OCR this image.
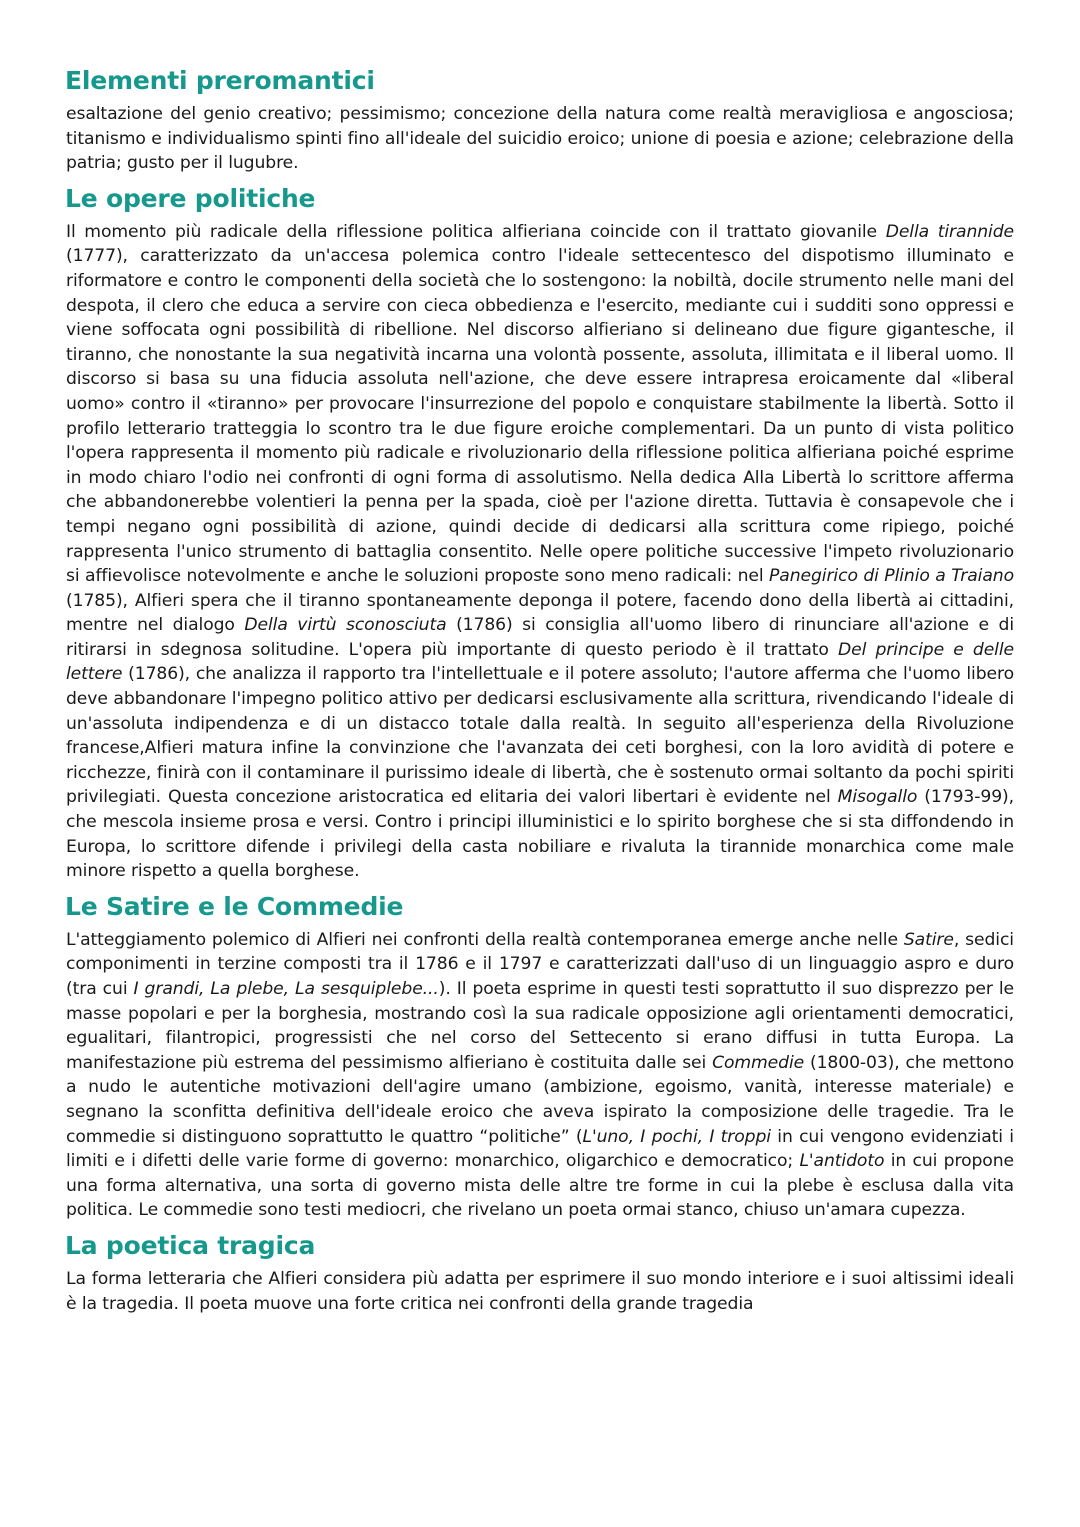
Elementi preromantici

esaltazione del genio creativo; pessimismo; concezione della natura come realtà meravigliosa e angosciosa; titanismo e individualismo spinti fino all'ideale del suicidio eroico; unione di poesia e azione; celebrazione della patria; gusto per il lugubre.

Le opere politiche

Il momento più radicale della riflessione politica alfieriana coincide con il trattato giovanile Della tirannide (1777), caratterizzato da un'accesa polemica contro l'ideale settecentesco del dispotismo illuminato e riformatore e contro le componenti della società che lo sostengono: la nobiltà, docile strumento nelle mani del despota, il clero che educa a servire con cieca obbedienza e l'esercito, mediante cui i sudditi sono oppressi e viene soffocata ogni possibilità di ribellione. Nel discorso alfieriano si delineano due figure gigantesche, il tiranno, che nonostante la sua negatività incarna una volontà possente, assoluta, illimitata e il liberal uomo. Il discorso si basa su una fiducia assoluta nell'azione, che deve essere intrapresa eroicamente dal «liberal uomo» contro il «tiranno» per provocare l'insurrezione del popolo e conquistare stabilmente la libertà. Sotto il profilo letterario tratteggia lo scontro tra le due figure eroiche complementari. Da un punto di vista politico l'opera rappresenta il momento più radicale e rivoluzionario della riflessione politica alfieriana poiché esprime in modo chiaro l'odio nei confronti di ogni forma di assolutismo. Nella dedica Alla Libertà lo scrittore afferma che abbandonerebbe volentieri la penna per la spada, cioè per l'azione diretta. Tuttavia è consapevole che i tempi negano ogni possibilità di azione, quindi decide di dedicarsi alla scrittura come ripiego, poiché rappresenta l'unico strumento di battaglia consentito. Nelle opere politiche successive l'impeto rivoluzionario si affievolisce notevolmente e anche le soluzioni proposte sono meno radicali: nel Panegirico di Plinio a Traiano (1785), Alfieri spera che il tiranno spontaneamente deponga il potere, facendo dono della libertà ai cittadini, mentre nel dialogo Della virtù sconosciuta (1786) si consiglia all'uomo libero di rinunciare all'azione e di ritirarsi in sdegnosa solitudine. L'opera più importante di questo periodo è il trattato Del principe e delle lettere (1786), che analizza il rapporto tra l'intellettuale e il potere assoluto; l'autore afferma che l'uomo libero deve abbandonare l'impegno politico attivo per dedicarsi esclusivamente alla scrittura, rivendicando l'ideale di un'assoluta indipendenza e di un distacco totale dalla realtà. In seguito all'esperienza della Rivoluzione francese,Alfieri matura infine la convinzione che l'avanzata dei ceti borghesi, con la loro avidità di potere e ricchezze, finirà con il contaminare il purissimo ideale di libertà, che è sostenuto ormai soltanto da pochi spiriti privilegiati. Questa concezione aristocratica ed elitaria dei valori libertari è evidente nel Misogallo (1793-99), che mescola insieme prosa e versi. Contro i principi illuministici e lo spirito borghese che si sta diffondendo in Europa, lo scrittore difende i privilegi della casta nobiliare e rivaluta la tirannide monarchica come male minore rispetto a quella borghese.

Le Satire e le Commedie

L'atteggiamento polemico di Alfieri nei confronti della realtà contemporanea emerge anche nelle Satire, sedici componimenti in terzine composti tra il 1786 e il 1797 e caratterizzati dall'uso di un linguaggio aspro e duro (tra cui I grandi, La plebe, La sesquiplebe...). Il poeta esprime in questi testi soprattutto il suo disprezzo per le masse popolari e per la borghesia, mostrando così la sua radicale opposizione agli orientamenti democratici, egualitari, filantropici, progressisti che nel corso del Settecento si erano diffusi in tutta Europa. La manifestazione più estrema del pessimismo alfieriano è costituita dalle sei Commedie (1800-03), che mettono a nudo le autentiche motivazioni dell'agire umano (ambizione, egoismo, vanità, interesse materiale) e segnano la sconfitta definitiva dell'ideale eroico che aveva ispirato la composizione delle tragedie. Tra le commedie si distinguono soprattutto le quattro “politiche” (L'uno, I pochi, I troppi in cui vengono evidenziati i limiti e i difetti delle varie forme di governo: monarchico, oligarchico e democratico; L'antidoto in cui propone una forma alternativa, una sorta di governo mista delle altre tre forme in cui la plebe è esclusa dalla vita politica. Le commedie sono testi mediocri, che rivelano un poeta ormai stanco, chiuso un'amara cupezza.

La poetica tragica

La forma letteraria che Alfieri considera più adatta per esprimere il suo mondo interiore e i suoi altissimi ideali è la tragedia. Il poeta muove una forte critica nei confronti della grande tragedia
